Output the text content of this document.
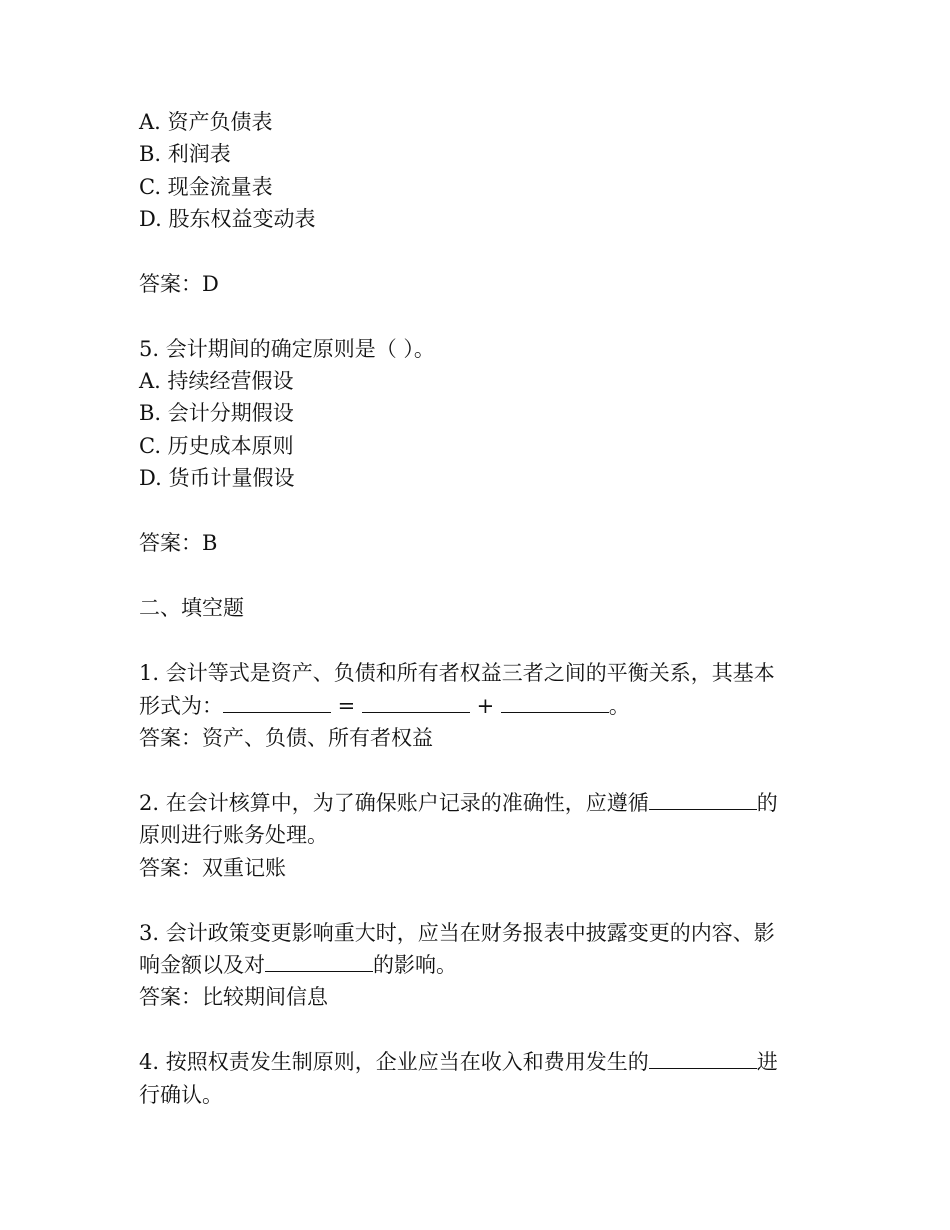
A. 资产负债表
B. 利润表
C. 现金流量表
D. 股东权益变动表
答案：D
5. 会计期间的确定原则是（ ）。
A. 持续经营假设
B. 会计分期假设
C. 历史成本原则
D. 货币计量假设
答案：B
二、填空题
1. 会计等式是资产、负债和所有者权益三者之间的平衡关系，其基本
形式为：	=	+	。
答案：资产、负债、所有者权益
2. 在会计核算中，为了确保账户记录的准确性，应遵循	的
原则进行账务处理。
答案：双重记账
3. 会计政策变更影响重大时，应当在财务报表中披露变更的内容、影
响金额以及对	的影响。
答案：比较期间信息
4. 按照权责发生制原则，企业应当在收入和费用发生的	进
行确认。
